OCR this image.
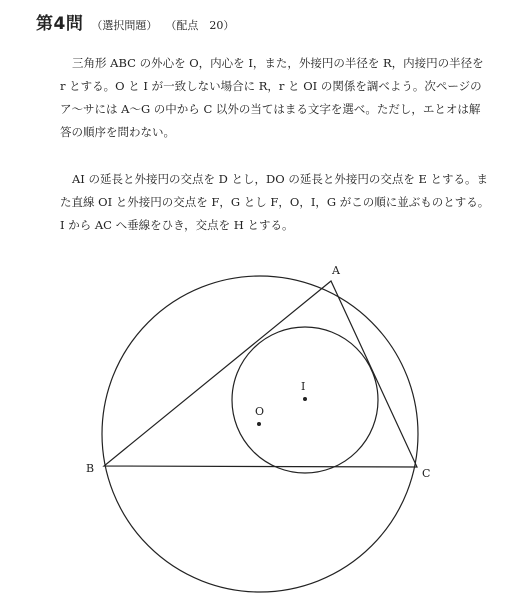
第4問 （選択問題） （配点　20）

三角形 ABC の外心を O，内心を I，また，外接円の半径を R，内接円の半径を r とする。O と I が一致しない場合に R，r と OI の関係を調べよう。次ページのア〜サには A〜G の中から C 以外の当てはまる文字を選べ。ただし，エとオは解答の順序を問わない。

AI の延長と外接円の交点を D とし，DO の延長と外接円の交点を E とする。また直線 OI と外接円の交点を F，G とし F，O，I，G がこの順に並ぶものとする。I から AC へ垂線をひき，交点を H とする。

A
B	C
I
O
